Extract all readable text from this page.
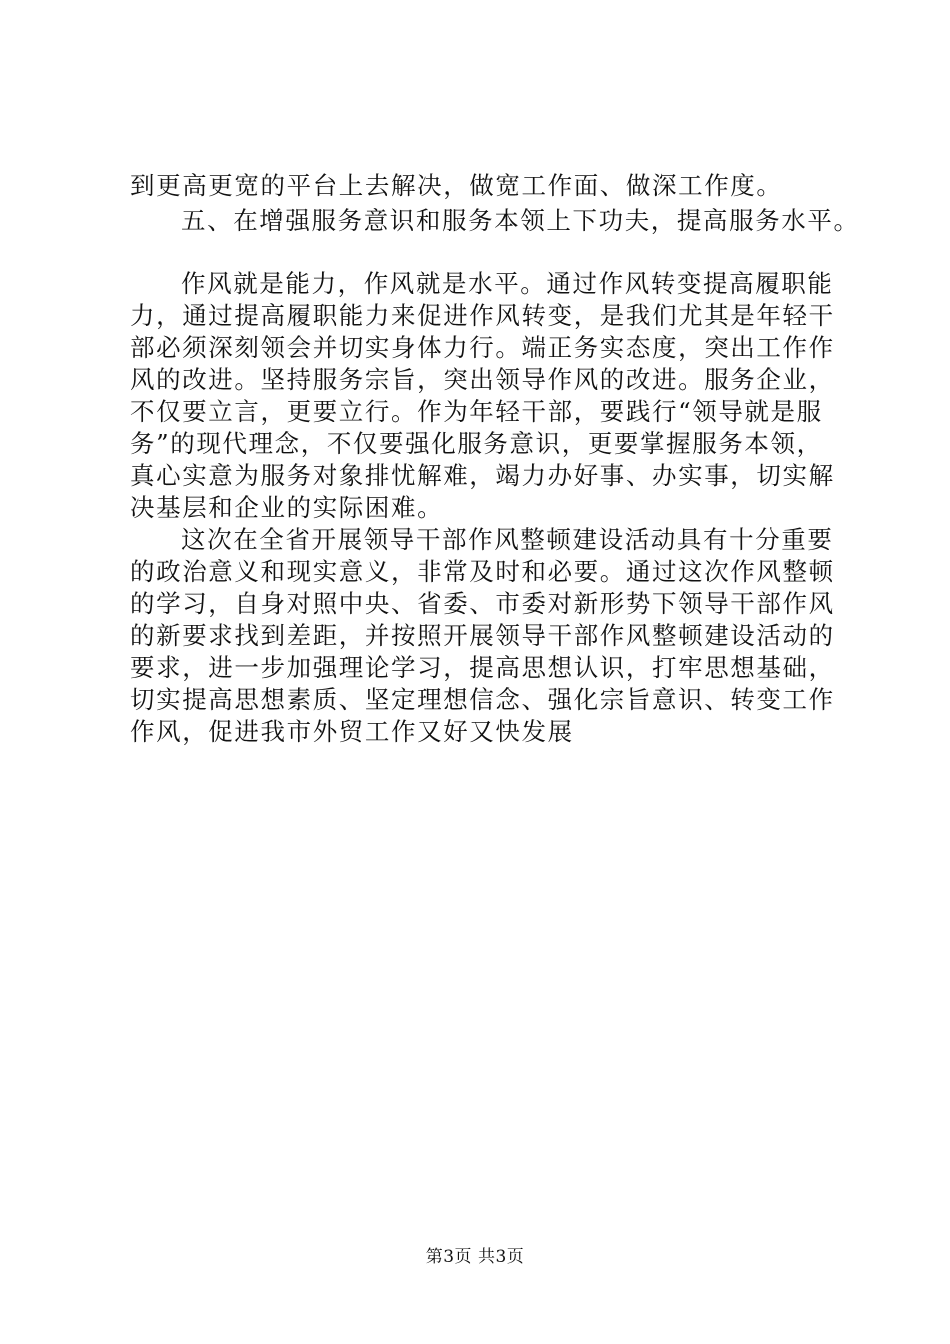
到更高更宽的平台上去解决，做宽工作面、做深工作度。
五、在增强服务意识和服务本领上下功夫，提高服务水平。
作风就是能力，作风就是水平。通过作风转变提高履职能
力，通过提高履职能力来促进作风转变，是我们尤其是年轻干
部必须深刻领会并切实身体力行。端正务实态度，突出工作作
风的改进。坚持服务宗旨，突出领导作风的改进。服务企业，
不仅要立言，更要立行。作为年轻干部，要践行“领导就是服
务”的现代理念，不仅要强化服务意识，更要掌握服务本领，
真心实意为服务对象排忧解难，竭力办好事、办实事，切实解
决基层和企业的实际困难。
这次在全省开展领导干部作风整顿建设活动具有十分重要
的政治意义和现实意义，非常及时和必要。通过这次作风整顿
的学习，自身对照中央、省委、市委对新形势下领导干部作风
的新要求找到差距，并按照开展领导干部作风整顿建设活动的
要求，进一步加强理论学习，提高思想认识，打牢思想基础，
切实提高思想素质、坚定理想信念、强化宗旨意识、转变工作
作风，促进我市外贸工作又好又快发展
第3页 共3页
